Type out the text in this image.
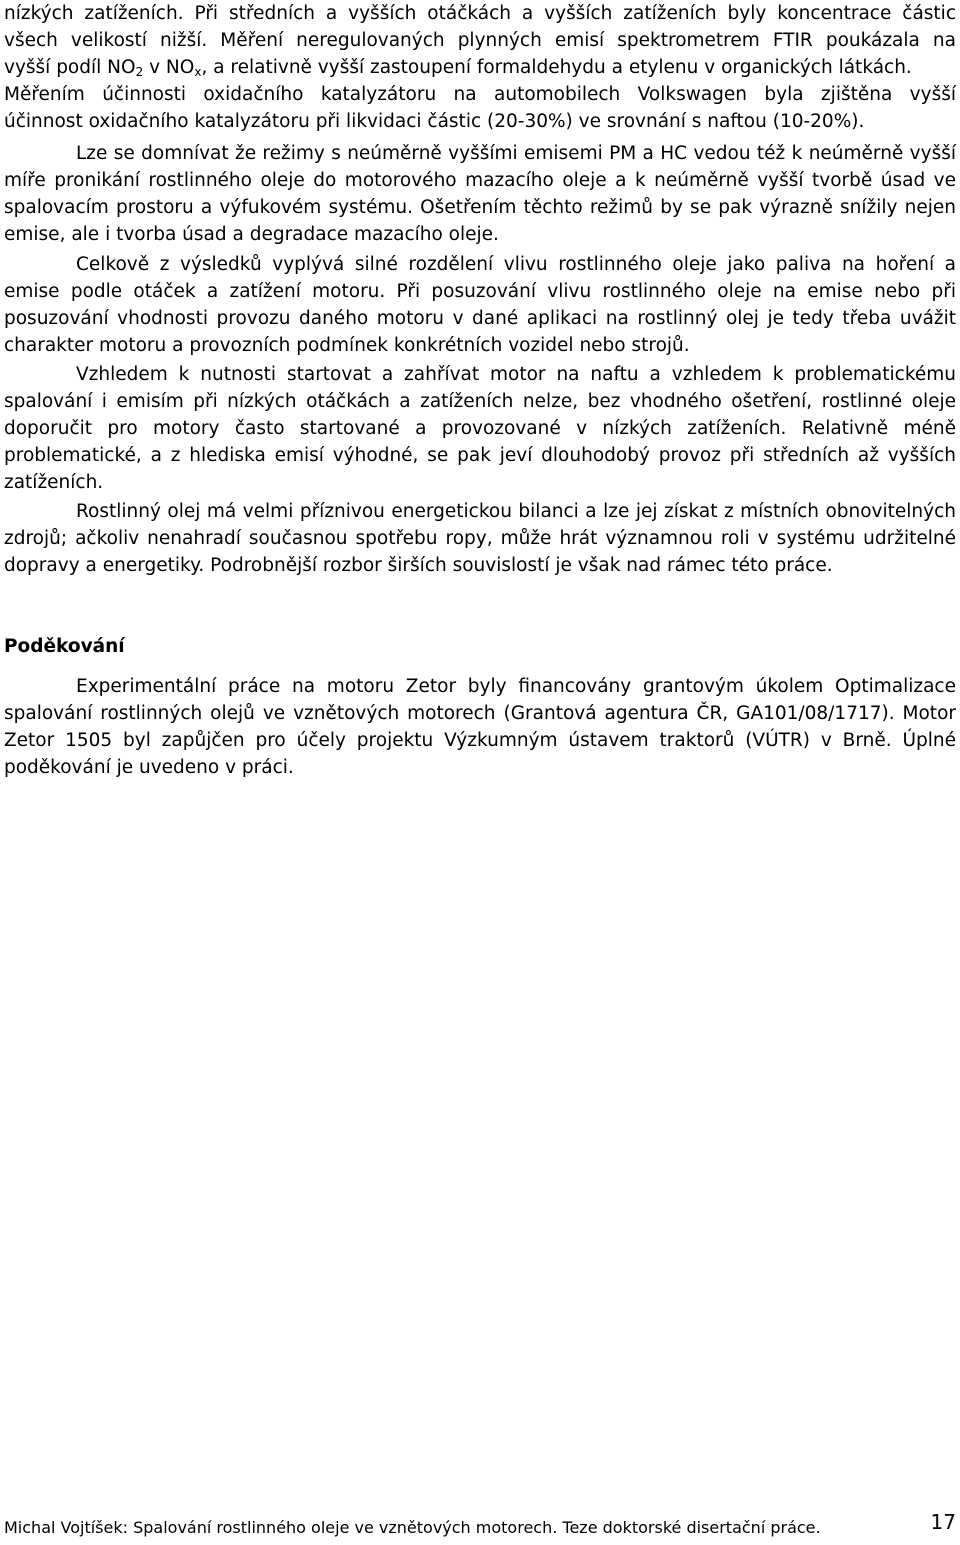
nízkých zatíženích. Při středních a vyšších otáčkách a vyšších zatíženích byly koncentrace částic
všech velikostí nižší. Měření neregulovaných plynných emisí spektrometrem FTIR poukázala na
vyšší podíl $NO_2$ v $NO_x$, a relativně vyšší zastoupení formaldehydu a etylenu v organických látkách.
Měřením účinnosti oxidačního katalyzátoru na automobilech Volkswagen byla zjištěna vyšší
účinnost oxidačního katalyzátoru při likvidaci částic (20-30%) ve srovnání s naftou (10-20%).
Lze se domnívat že režimy s neúměrně vyššími emisemi PM a HC vedou též k neúměrně vyšší míře pronikání rostlinného oleje do motorového mazacího oleje a k neúměrně vyšší tvorbě úsad ve spalovacím prostoru a výfukovém systému. Ošetřením těchto režimů by se pak výrazně snížily nejen emise, ale i tvorba úsad a degradace mazacího oleje.
Celkově z výsledků vyplývá silné rozdělení vlivu rostlinného oleje jako paliva na hoření a emise podle otáček a zatížení motoru. Při posuzování vlivu rostlinného oleje na emise nebo při posuzování vhodnosti provozu daného motoru v dané aplikaci na rostlinný olej je tedy třeba uvážit charakter motoru a provozních podmínek konkrétních vozidel nebo strojů.
Vzhledem k nutnosti startovat a zahřívat motor na naftu a vzhledem k problematickému spalování i emisím při nízkých otáčkách a zatíženích nelze, bez vhodného ošetření, rostlinné oleje doporučit pro motory často startované a provozované v nízkých zatíženích. Relativně méně problematické, a z hlediska emisí výhodné, se pak jeví dlouhodobý provoz při středních až vyšších zatíženích.
Rostlinný olej má velmi příznivou energetickou bilanci a lze jej získat z místních obnovitelných zdrojů; ačkoliv nenahradí současnou spotřebu ropy, může hrát významnou roli v systému udržitelné dopravy a energetiky. Podrobnější rozbor širších souvislostí je však nad rámec této práce.
Poděkování
Experimentální práce na motoru Zetor byly financovány grantovým úkolem Optimalizace spalování rostlinných olejů ve vznětových motorech (Grantová agentura ČR, GA101/08/1717). Motor Zetor 1505 byl zapůjčen pro účely projektu Výzkumným ústavem traktorů (VÚTR) v Brně. Úplné poděkování je uvedeno v práci.
Michal Vojtíšek: Spalování rostlinného oleje ve vznětových motorech. Teze doktorské disertační práce.	17
